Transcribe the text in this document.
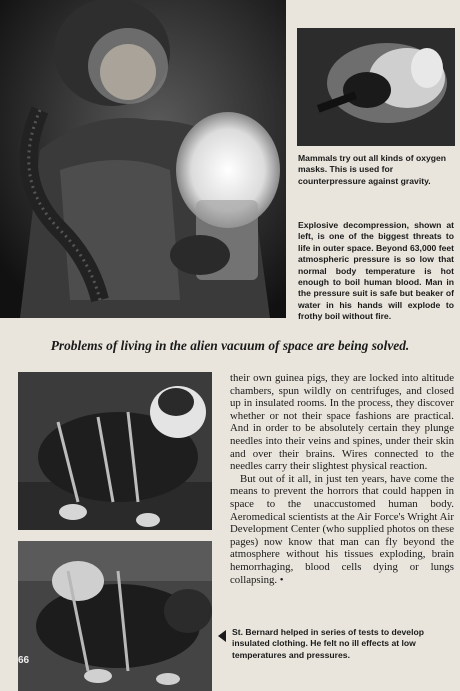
Mammals try out all kinds of oxygen masks. This is used for counterpressure against gravity.
Explosive decompression, shown at left, is one of the biggest threats to life in outer space. Beyond 63,000 feet atmospheric pressure is so low that normal body temperature is hot enough to boil human blood. Man in the pressure suit is safe but beaker of water in his hands will explode to frothy boil without fire.
Problems of living in the alien vacuum of space are being solved.
66

their own guinea pigs, they are locked into altitude chambers, spun wildly on centrifuges, and closed up in insulated rooms. In the process, they discover whether or not their space fashions are practical. And in order to be absolutely certain they plunge needles into their veins and spines, under their skin and over their brains. Wires connected to the needles carry their slightest physical reaction.

But out of it all, in just ten years, have come the means to prevent the horrors that could happen in space to the unaccustomed human body. Aeromedical scientists at the Air Force's Wright Air Development Center (who supplied photos on these pages) now know that man can fly beyond the atmosphere without his tissues exploding, brain hemorrhaging, blood cells dying or lungs collapsing. •

St. Bernard helped in series of tests to develop insulated clothing. He felt no ill effects at low temperatures and pressures.
